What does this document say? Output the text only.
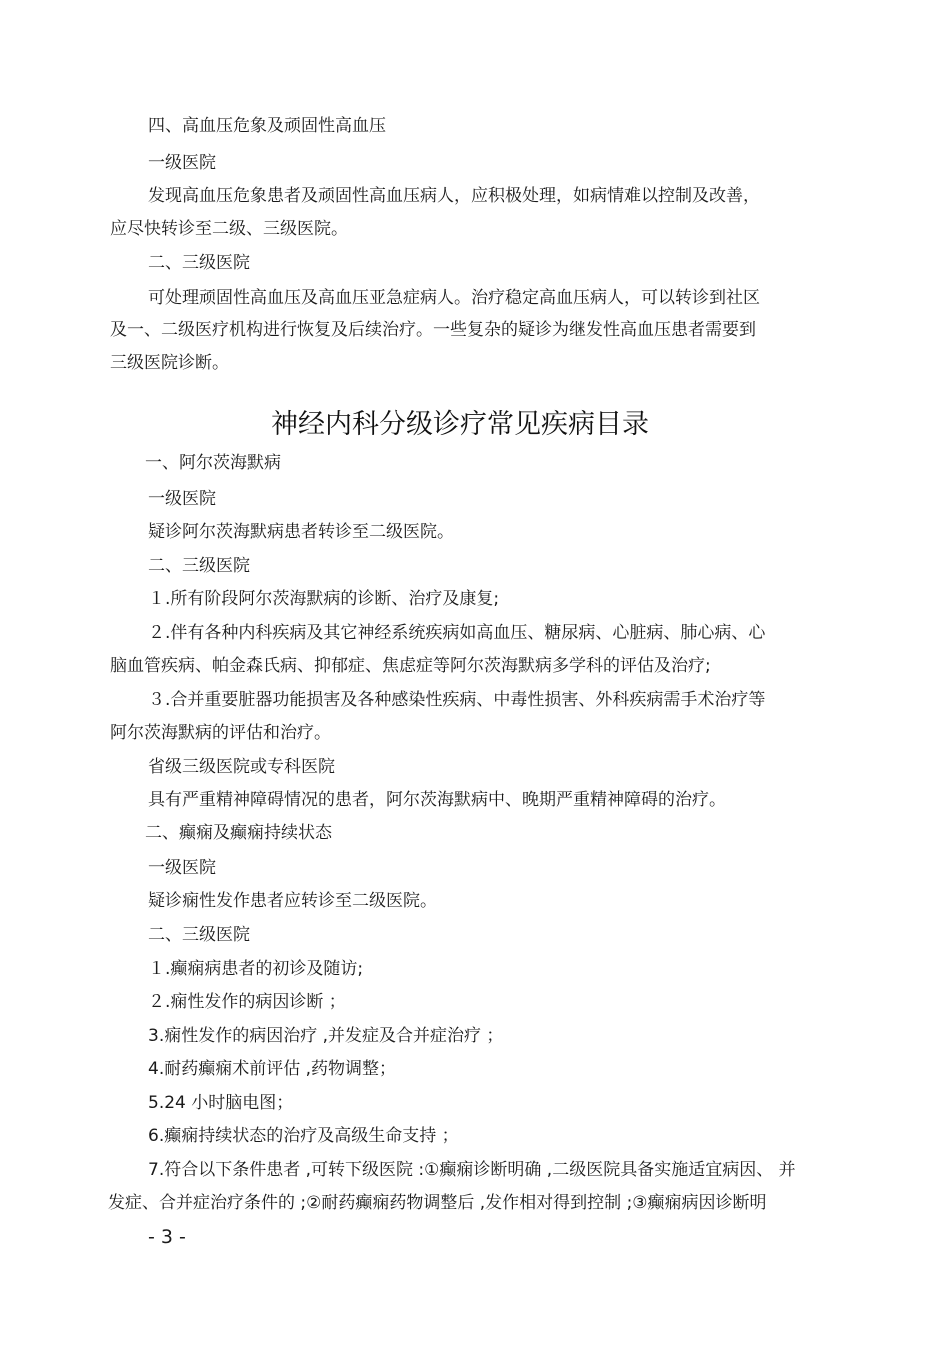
四、高血压危象及顽固性高血压
一级医院
发现高血压危象患者及顽固性高血压病人，应积极处理，如病情难以控制及改善，
应尽快转诊至二级、三级医院。
二、三级医院
可处理顽固性高血压及高血压亚急症病人。治疗稳定高血压病人，可以转诊到社区
及一、二级医疗机构进行恢复及后续治疗。一些复杂的疑诊为继发性高血压患者需要到
三级医院诊断。
神经内科分级诊疗常见疾病目录
一、阿尔茨海默病
一级医院
疑诊阿尔茨海默病患者转诊至二级医院。
二、三级医院
１.所有阶段阿尔茨海默病的诊断、治疗及康复;
２.伴有各种内科疾病及其它神经系统疾病如高血压、糖尿病、心脏病、肺心病、心
脑血管疾病、帕金森氏病、抑郁症、焦虑症等阿尔茨海默病多学科的评估及治疗;
３.合并重要脏器功能损害及各种感染性疾病、中毒性损害、外科疾病需手术治疗等
阿尔茨海默病的评估和治疗。
省级三级医院或专科医院
具有严重精神障碍情况的患者，阿尔茨海默病中、晚期严重精神障碍的治疗。
二、癫痫及癫痫持续状态
一级医院
疑诊痫性发作患者应转诊至二级医院。
二、三级医院
１.癫痫病患者的初诊及随访;
２.痫性发作的病因诊断 ；
3.痫性发作的病因治疗 ,并发症及合并症治疗 ；
4.耐药癫痫术前评估 ,药物调整；
5.24 小时脑电图；
6.癫痫持续状态的治疗及高级生命支持 ；
7.符合以下条件患者 ,可转下级医院 :①癫痫诊断明确 ,二级医院具备实施适宜病因、 并
发症、合并症治疗条件的 ;②耐药癫痫药物调整后 ,发作相对得到控制 ;③癫痫病因诊断明
- 3 -
